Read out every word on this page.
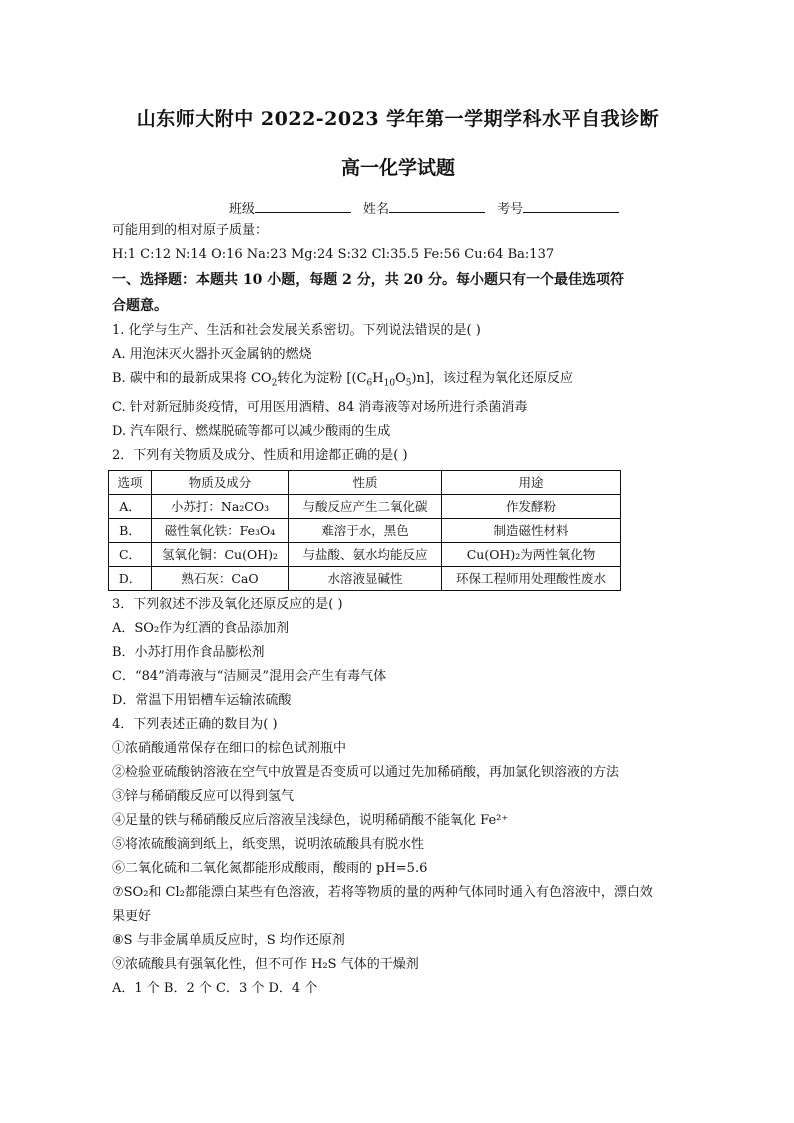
山东师大附中 2022-2023 学年第一学期学科水平自我诊断
高一化学试题
班级	姓名	考号
可能用到的相对原子质量：
H:1 C:12 N:14 O:16 Na:23 Mg:24 S:32 Cl:35.5 Fe:56 Cu:64 Ba:137
一、选择题：本题共 10 小题，每题 2 分，共 20 分。每小题只有一个最佳选项符
合题意。
1. 化学与生产、生活和社会发展关系密切。下列说法错误的是( )
A. 用泡沫灭火器扑灭金属钠的燃烧
B. 碳中和的最新成果将 $CO_2$转化为淀粉 $[(C_6H_{10}O_5)n]$，该过程为氧化还原反应
C. 针对新冠肺炎疫情，可用医用酒精、84 消毒液等对场所进行杀菌消毒
D. 汽车限行、燃煤脱硫等都可以减少酸雨的生成
2．下列有关物质及成分、性质和用途都正确的是( )
选项	物质及成分	性质	用途
A．	小苏打：Na₂CO₃	与酸反应产生二氧化碳	作发酵粉
B．	磁性氧化铁：Fe₃O₄	难溶于水，黑色	制造磁性材料
C．	氢氧化铜：Cu(OH)₂	与盐酸、氨水均能反应	Cu(OH)₂为两性氧化物
D．	熟石灰：CaO	水溶液显碱性	环保工程师用处理酸性废水
3．下列叙述不涉及氧化还原反应的是( )
A．SO₂作为红酒的食品添加剂
B．小苏打用作食品膨松剂
C．“84”消毒液与“洁厕灵”混用会产生有毒气体
D．常温下用铝槽车运输浓硫酸
4．下列表述正确的数目为( )
①浓硝酸通常保存在细口的棕色试剂瓶中
②检验亚硫酸钠溶液在空气中放置是否变质可以通过先加稀硝酸，再加氯化钡溶液的方法
③锌与稀硝酸反应可以得到氢气
④足量的铁与稀硝酸反应后溶液呈浅绿色，说明稀硝酸不能氧化 Fe²⁺
⑤将浓硫酸滴到纸上，纸变黑，说明浓硫酸具有脱水性
⑥二氧化硫和二氧化氮都能形成酸雨，酸雨的 pH=5.6
⑦SO₂和 Cl₂都能漂白某些有色溶液，若将等物质的量的两种气体同时通入有色溶液中，漂白效
果更好
⑧S 与非金属单质反应时，S 均作还原剂
⑨浓硫酸具有强氧化性，但不可作 H₂S 气体的干燥剂
A．1 个 B．2 个 C．3 个 D．4 个
